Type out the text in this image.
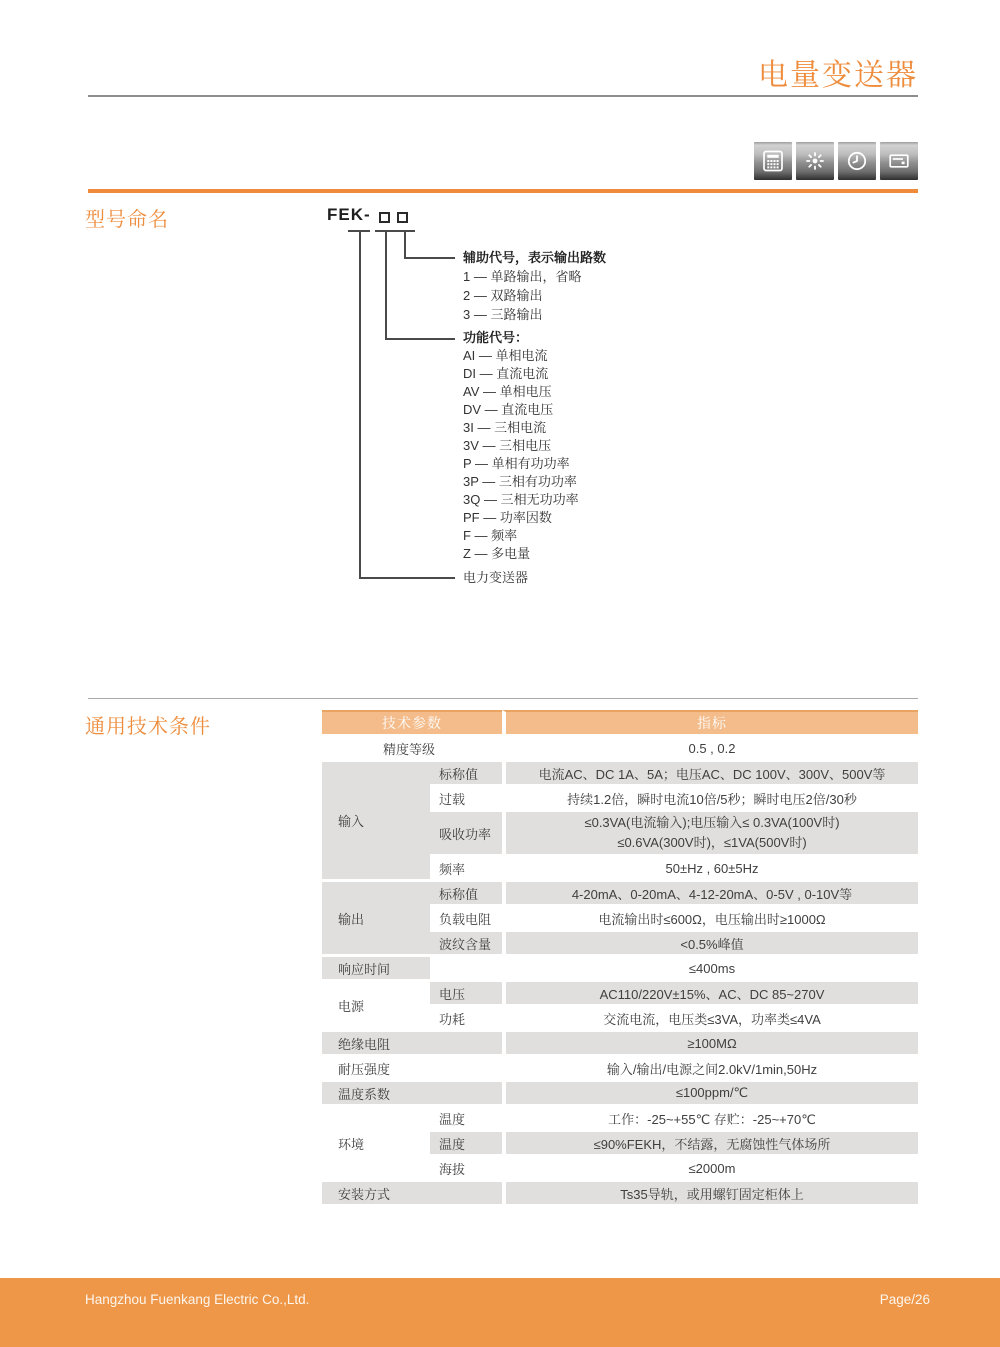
电量变送器
型号命名	FEK-
辅助代号，表示输出路数
1 — 单路输出，省略
2 — 双路输出
3 — 三路输出
功能代号：
AI — 单相电流
DI — 直流电流
AV — 单相电压
DV — 直流电压
3I — 三相电流
3V — 三相电压
P — 单相有功功率
3P — 三相有功功率
3Q — 三相无功功率
PF — 功率因数
F — 频率
Z — 多电量
电力变送器
通用技术条件	技术参数		指标
精度等级		0.5 , 0.2
输入	标称值	电流AC、DC 1A、5A；电压AC、DC 100V、300V、500V等
	过载	持续1.2倍，瞬时电流10倍/5秒；瞬时电压2倍/30秒
	吸收功率	≤0.3VA(电流输入);电压输入≤ 0.3VA(100V时)
≤0.6VA(300V时)，≤1VA(500V时)

	频率	50±Hz , 60±5Hz
输出	标称值	4-20mA、0-20mA、4-12-20mA、0-5V , 0-10V等
	负载电阻	电流输出时≤600Ω，电压输出时≥1000Ω
	波纹含量	<0.5%峰值
响应时间		≤400ms
电源	电压	AC110/220V±15%、AC、DC 85~270V
	功耗	交流电流，电压类≤3VA，功率类≤4VA
绝缘电阻		≥100MΩ
耐压强度		输入/输出/电源之间2.0kV/1min,50Hz
温度系数		≤100ppm/℃
环境	温度	工作：-25~+55℃ 存贮：-25~+70℃
	温度	≤90%FEKH，不结露，无腐蚀性气体场所
	海拔	≤2000m
安装方式		Ts35导轨，或用螺钉固定柜体上
Hangzhou Fuenkang Electric Co.,Ltd.	Page/26
